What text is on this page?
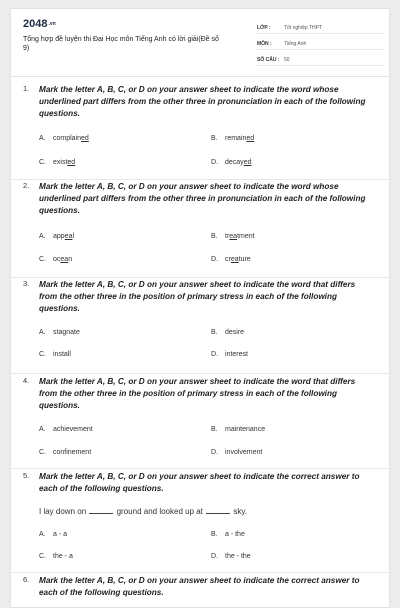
2048.vn
Tổng hợp đề luyện thi Đại Học môn Tiếng Anh có lời giải(Đề số 9)
LỚP :	Tốt nghiệp THPT
MÔN :	Tiếng Anh
SỐ CÂU : 50
1. Mark the letter A, B, C, or D on your answer sheet to indicate the word whose underlined part differs from the other three in pronunciation in each of the following questions.
A. complained	B. remained
C. existed	D. decayed
2. Mark the letter A, B, C, or D on your answer sheet to indicate the word whose underlined part differs from the other three in pronunciation in each of the following questions.
A. appeal	B. treatment
C. ocean	D. creature
3. Mark the letter A, B, C, or D on your answer sheet to indicate the word that differs from the other three in the position of primary stress in each of the following questions.
A. stagnate	B. desire
C. install	D. interest
4. Mark the letter A, B, C, or D on your answer sheet to indicate the word that differs from the other three in the position of primary stress in each of the following questions.
A. achievement	B. maintenance
C. confinement	D. involvement
5. Mark the letter A, B, C, or D on your answer sheet to indicate the correct answer to each of the following questions.
I lay down on	ground and looked up at	sky.
A. a - a	B. a - the
C. the - a	D. the - the
6. Mark the letter A, B, C, or D on your answer sheet to indicate the correct answer to each of the following questions.
